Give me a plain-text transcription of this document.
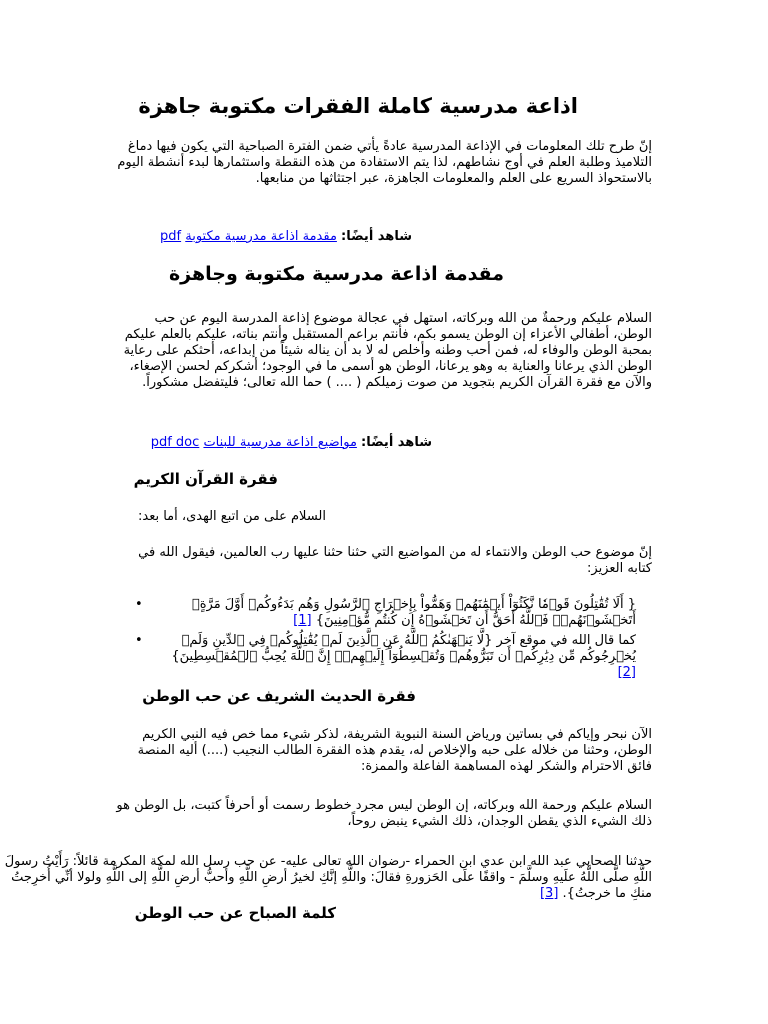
اذاعة مدرسية كاملة الفقرات مكتوبة جاهزة

إنّ طرح تلك المعلومات في الإذاعة المدرسية عادةً يأتي ضمن الفترة الصباحية التي يكون فيها دماغ التلاميذ وطلبة العلم في أوج نشاطهم، لذا يتم الاستفادة من هذه النقطة واستثمارها لبدء أنشطة اليوم بالاستحواذ السريع على العلم والمعلومات الجاهزة، عبر اجتثاثها من منابعها.

شاهد أيضًا: مقدمة اذاعة مدرسية مكتوبة pdf
مقدمة اذاعة مدرسية مكتوبة وجاهزة

السلام عليكم ورحمةٌ من الله وبركاته، استهل في عجالة موضوع إذاعة المدرسة اليوم عن حب الوطن، أطفالي الأعزاء إن الوطن يسمو بكم، فأنتم براعم المستقبل وأنتم بناته، عليكم بالعلم عليكم بمحبة الوطن والوفاء له، فمن أحب وطنه وأخلص له لا بد أن يناله شيئاً من إبداعه، أحثكم على رعاية الوطن الذي يرعانا والعناية به وهو يرعانا، الوطن هو أسمى ما في الوجود؛ أشكركم لحسن الإصغاء، والآن مع فقرة القرآن الكريم بتجويد من صوت زميلكم ( .... ) حما الله تعالى؛ فليتفضل مشكوراً.

شاهد أيضًا: مواضيع اذاعة مدرسية للبنات pdf doc
فقرة القرآن الكريم

السلام على من اتبع الهدى، أما بعد:

إنّ موضوع حب الوطن والانتماء له من المواضيع التي حثنا حثنا عليها رب العالمين، فيقول الله في كتابه العزيز:

•	{ أَلَا تُقَٰتِلُونَ قَوۡمٗا نَّكَثُوٓاْ أَيۡمَٰنَهُمۡ وَهَمُّواْ بِإِخۡرَاجِ ٱلرَّسُولِ وَهُم بَدَءُوكُمۡ أَوَّلَ مَرَّةٍۚ أَتَخۡشَوۡنَهُمۡۚ فَٱللَّهُ أَحَقُّ أَن تَخۡشَوۡهُ إِن كُنتُم مُّؤۡمِنِينَ} [1]
•	كما قال الله في موقع آخر {لَّا يَنۡهَىٰكُمُ ٱللَّهُ عَنِ ٱلَّذِينَ لَمۡ يُقَٰتِلُوكُمۡ فِي ٱلدِّينِ وَلَمۡ يُخۡرِجُوكُم مِّن دِيَٰرِكُمۡ أَن تَبَرُّوهُمۡ وَتُقۡسِطُوٓاْ إِلَيۡهِمۡۚ إِنَّ ٱللَّهَ يُحِبُّ ٱلۡمُقۡسِطِينَ} [2]
فقرة الحديث الشريف عن حب الوطن

الآن نبحر وإياكم في بساتين ورياض السنة النبوية الشريفة، لذكر شيء مما خص فيه النبي الكريم الوطن، وحثنا من خلاله على حبه والإخلاص له، يقدم هذه الفقرة الطالب النجيب (....) أليه المنصة فائق الاحترام والشكر لهذه المساهمة الفاعلة والممزة:

السلام عليكم ورحمة الله وبركاته، إن الوطن ليس مجرد خطوط رسمت أو أحرفاً كتبت، بل الوطن هو ذلك الشيء الذي يقطن الوجدان، ذلك الشيء ينبض روحاً،

حدثنا الصحابي عبد الله ابن عدي ابن الحمراء -رضوان الله تعالى عليه- عن حب رسل الله لمكة المكرمة قائلاً: رَأَيْتُ رسولَ اللَّهِ صلَّى اللَّهُ علَيهِ وسلَّمَ - واقفًا علَى الحَزورةِ فقالَ: واللَّهِ إنَّكِ لخيرُ أرضِ اللَّهِ وأحبُّ أرضِ اللَّهِ إلى اللَّهِ ولولا أنِّي أُخرِجتُ منكِ ما خرجتُ}. [3]
كلمة الصباح عن حب الوطن
